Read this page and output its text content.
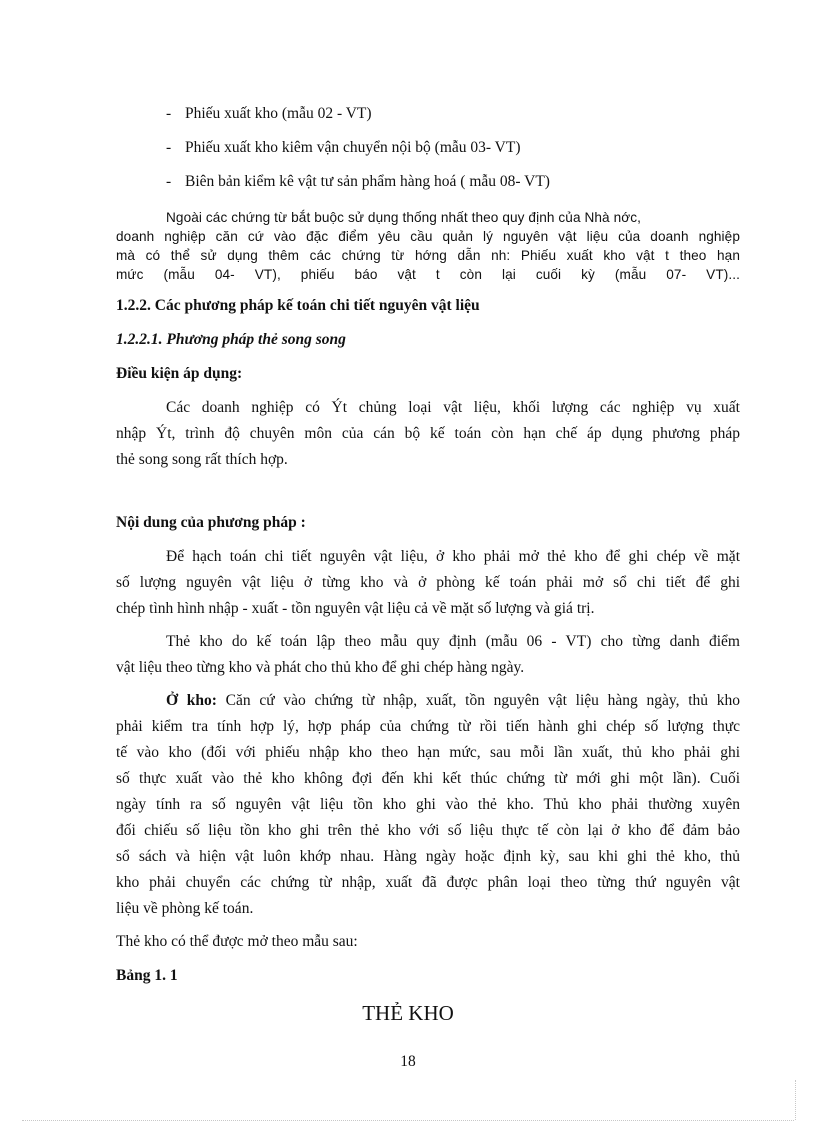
- Phiếu xuất kho (mẫu 02 - VT)
- Phiếu xuất kho kiêm vận chuyển nội bộ (mẫu 03- VT)
- Biên bản kiểm kê vật tư sản phẩm hàng hoá ( mẫu 08- VT)
Ngoài các chứng từ bắt buộc sử dụng thống nhất theo quy định của Nhà nớc,
doanh nghiệp căn cứ vào đặc điểm yêu cầu quản lý nguyên vật liệu của doanh nghiệp
mà có thể sử dụng thêm các chứng từ hớng dẫn nh: Phiếu xuất kho vật t theo hạn
mức (mẫu 04- VT), phiếu báo vật t còn lại cuối kỳ (mẫu 07- VT)...
1.2.2. Các phương pháp kế toán chi tiết nguyên vật liệu
1.2.2.1. Phương pháp thẻ song song
Điều kiện áp dụng:
Các doanh nghiệp có Ýt chủng loại vật liệu, khối lượng các nghiệp vụ xuất
nhập Ýt, trình độ chuyên môn của cán bộ kế toán còn hạn chế áp dụng phương pháp
thẻ song song rất thích hợp.
Nội dung của phương pháp :
Để hạch toán chi tiết nguyên vật liệu, ở kho phải mở thẻ kho để ghi chép về mặt
số lượng nguyên vật liệu ở từng kho và ở phòng kế toán phải mở sổ chi tiết để ghi
chép tình hình nhập - xuất - tồn nguyên vật liệu cả về mặt số lượng và giá trị.
Thẻ kho do kế toán lập theo mẫu quy định (mẫu 06 - VT) cho từng danh điểm
vật liệu theo từng kho và phát cho thủ kho để ghi chép hàng ngày.
Ở kho: Căn cứ vào chứng từ nhập, xuất, tồn nguyên vật liệu hàng ngày, thủ kho
phải kiểm tra tính hợp lý, hợp pháp của chứng từ rồi tiến hành ghi chép số lượng thực
tế vào kho (đối với phiếu nhập kho theo hạn mức, sau mỗi lần xuất, thủ kho phải ghi
số thực xuất vào thẻ kho không đợi đến khi kết thúc chứng từ mới ghi một lần). Cuối
ngày tính ra số nguyên vật liệu tồn kho ghi vào thẻ kho. Thủ kho phải thường xuyên
đối chiếu số liệu tồn kho ghi trên thẻ kho với số liệu thực tế còn lại ở kho để đảm bảo
sổ sách và hiện vật luôn khớp nhau. Hàng ngày hoặc định kỳ, sau khi ghi thẻ kho, thủ
kho phải chuyển các chứng từ nhập, xuất đã được phân loại theo từng thứ nguyên vật
liệu về phòng kế toán.
Thẻ kho có thể được mở theo mẫu sau:
Bảng 1. 1
THẺ KHO
18
